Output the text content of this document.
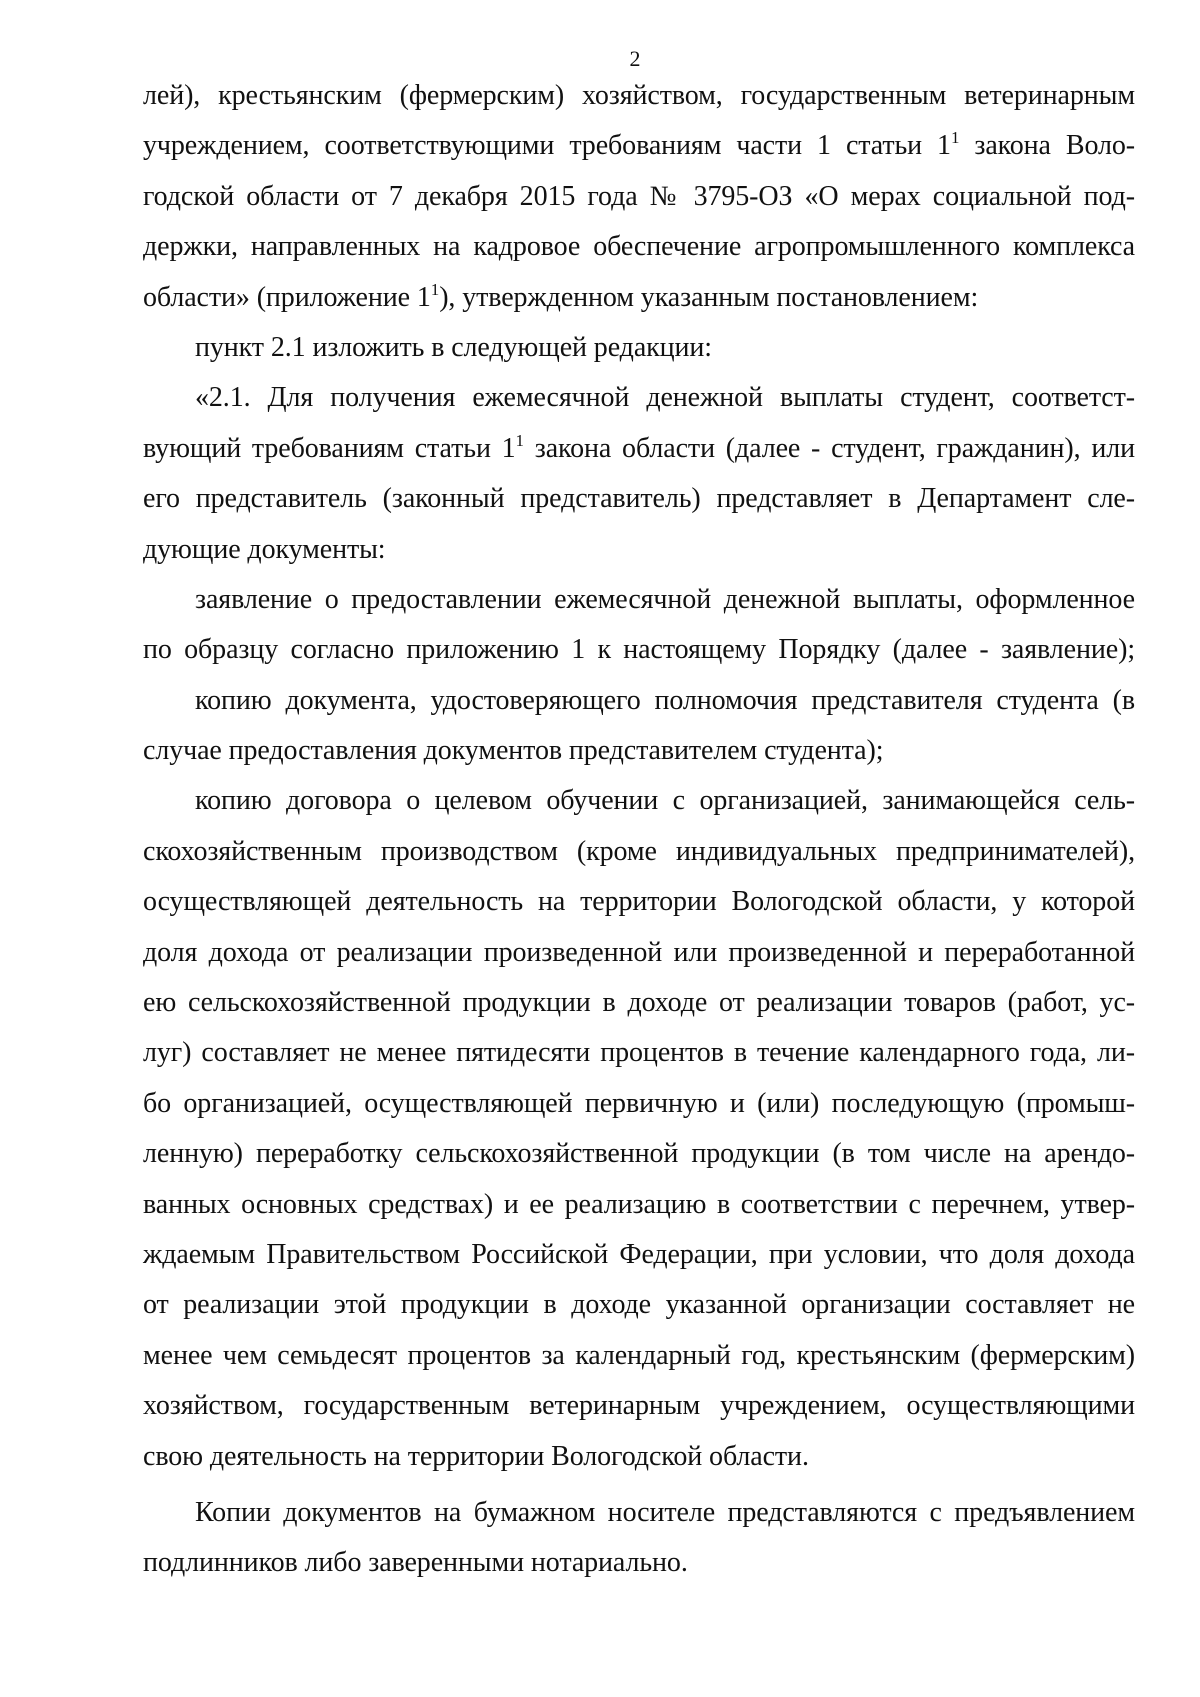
2
лей), крестьянским (фермерским) хозяйством, государственным ветеринарным
учреждением, соответствующими требованиям части 1 статьи $1^1$ закона Воло-
годской области от 7 декабря 2015 года № 3795-ОЗ «О мерах социальной под-
держки, направленных на кадровое обеспечение агропромышленного комплекса
области» (приложение $1^1$), утвержденном указанным постановлением:
пункт 2.1 изложить в следующей редакции:
«2.1. Для получения ежемесячной денежной выплаты студент, соответст-
вующий требованиям статьи $1^1$ закона области (далее - студент, гражданин), или
его представитель (законный представитель) представляет в Департамент сле-
дующие документы:
заявление о предоставлении ежемесячной денежной выплаты, оформленное
по образцу согласно приложению 1 к настоящему Порядку (далее - заявление);
копию документа, удостоверяющего полномочия представителя студента (в
случае предоставления документов представителем студента);
копию договора о целевом обучении с организацией, занимающейся сель-
скохозяйственным производством (кроме индивидуальных предпринимателей),
осуществляющей деятельность на территории Вологодской области, у которой
доля дохода от реализации произведенной или произведенной и переработанной
ею сельскохозяйственной продукции в доходе от реализации товаров (работ, ус-
луг) составляет не менее пятидесяти процентов в течение календарного года, ли-
бо организацией, осуществляющей первичную и (или) последующую (промыш-
ленную) переработку сельскохозяйственной продукции (в том числе на арендо-
ванных основных средствах) и ее реализацию в соответствии с перечнем, утвер-
ждаемым Правительством Российской Федерации, при условии, что доля дохода
от реализации этой продукции в доходе указанной организации составляет не
менее чем семьдесят процентов за календарный год, крестьянским (фермерским)
хозяйством, государственным ветеринарным учреждением, осуществляющими
свою деятельность на территории Вологодской области.
Копии документов на бумажном носителе представляются с предъявлением
подлинников либо заверенными нотариально.
